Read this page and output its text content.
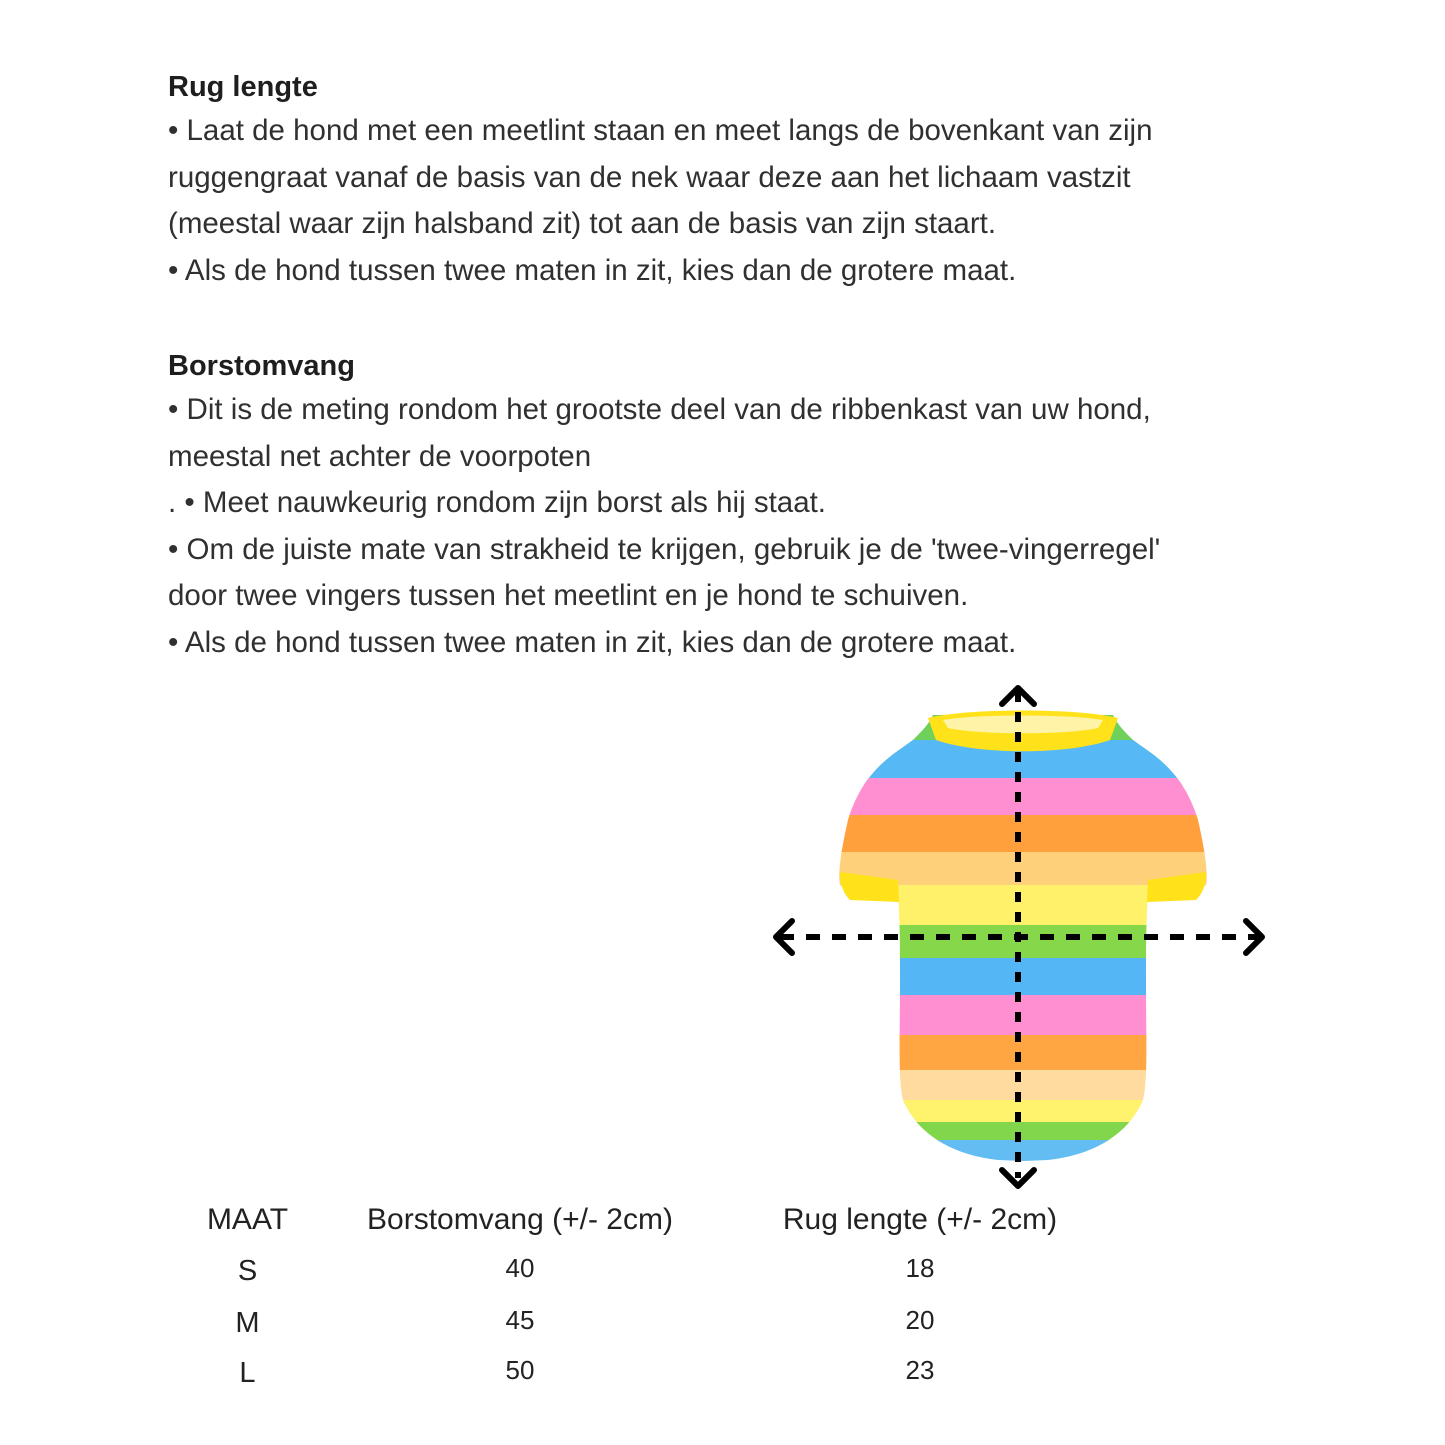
Rug lengte

• Laat de hond met een meetlint staan en meet langs de bovenkant van zijn

ruggengraat vanaf de basis van de nek waar deze aan het lichaam vastzit

(meestal waar zijn halsband zit) tot aan de basis van zijn staart.

• Als de hond tussen twee maten in zit, kies dan de grotere maat.

Borstomvang

• Dit is de meting rondom het grootste deel van de ribbenkast van uw hond,

meestal net achter de voorpoten

. • Meet nauwkeurig rondom zijn borst als hij staat.

• Om de juiste mate van strakheid te krijgen, gebruik je de 'twee-vingerregel'

door twee vingers tussen het meetlint en je hond te schuiven.

• Als de hond tussen twee maten in zit, kies dan de grotere maat.

MAAT	Borstomvang (+/- 2cm)	Rug lengte (+/- 2cm)
S	40	18
M	45	20
L	50	23
